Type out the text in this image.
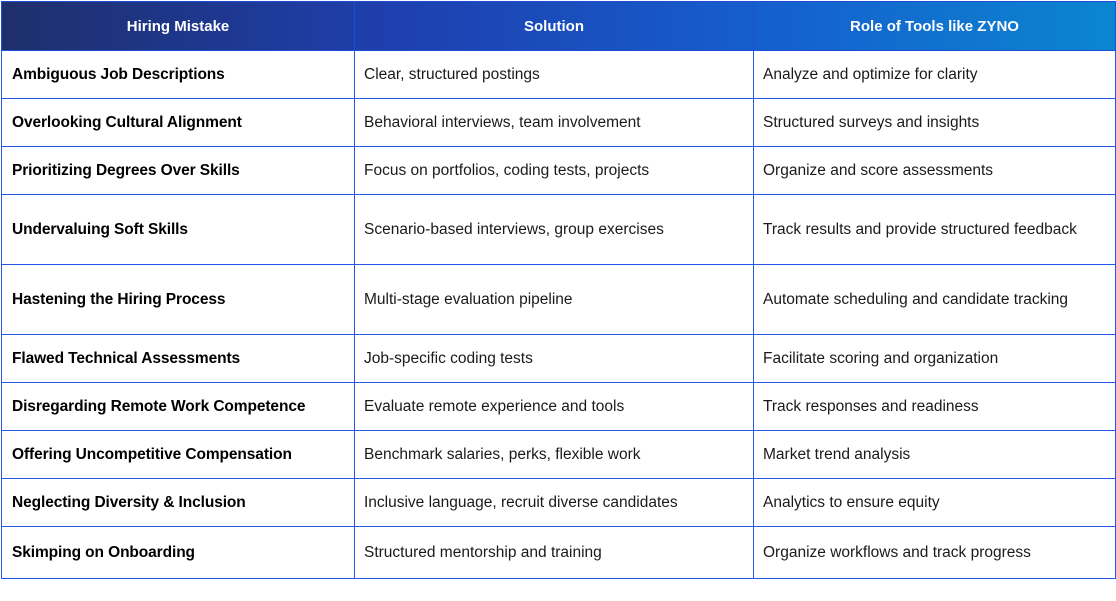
Hiring Mistake	Solution	Role of Tools like ZYNO
Ambiguous Job Descriptions	Clear, structured postings	Analyze and optimize for clarity
Overlooking Cultural Alignment	Behavioral interviews, team involvement	Structured surveys and insights
Prioritizing Degrees Over Skills	Focus on portfolios, coding tests, projects	Organize and score assessments
Undervaluing Soft Skills	Scenario-based interviews, group exercises	Track results and provide structured feedback
Hastening the Hiring Process	Multi-stage evaluation pipeline	Automate scheduling and candidate tracking
Flawed Technical Assessments	Job-specific coding tests	Facilitate scoring and organization
Disregarding Remote Work Competence	Evaluate remote experience and tools	Track responses and readiness
Offering Uncompetitive Compensation	Benchmark salaries, perks, flexible work	Market trend analysis
Neglecting Diversity & Inclusion	Inclusive language, recruit diverse candidates	Analytics to ensure equity
Skimping on Onboarding	Structured mentorship and training	Organize workflows and track progress
